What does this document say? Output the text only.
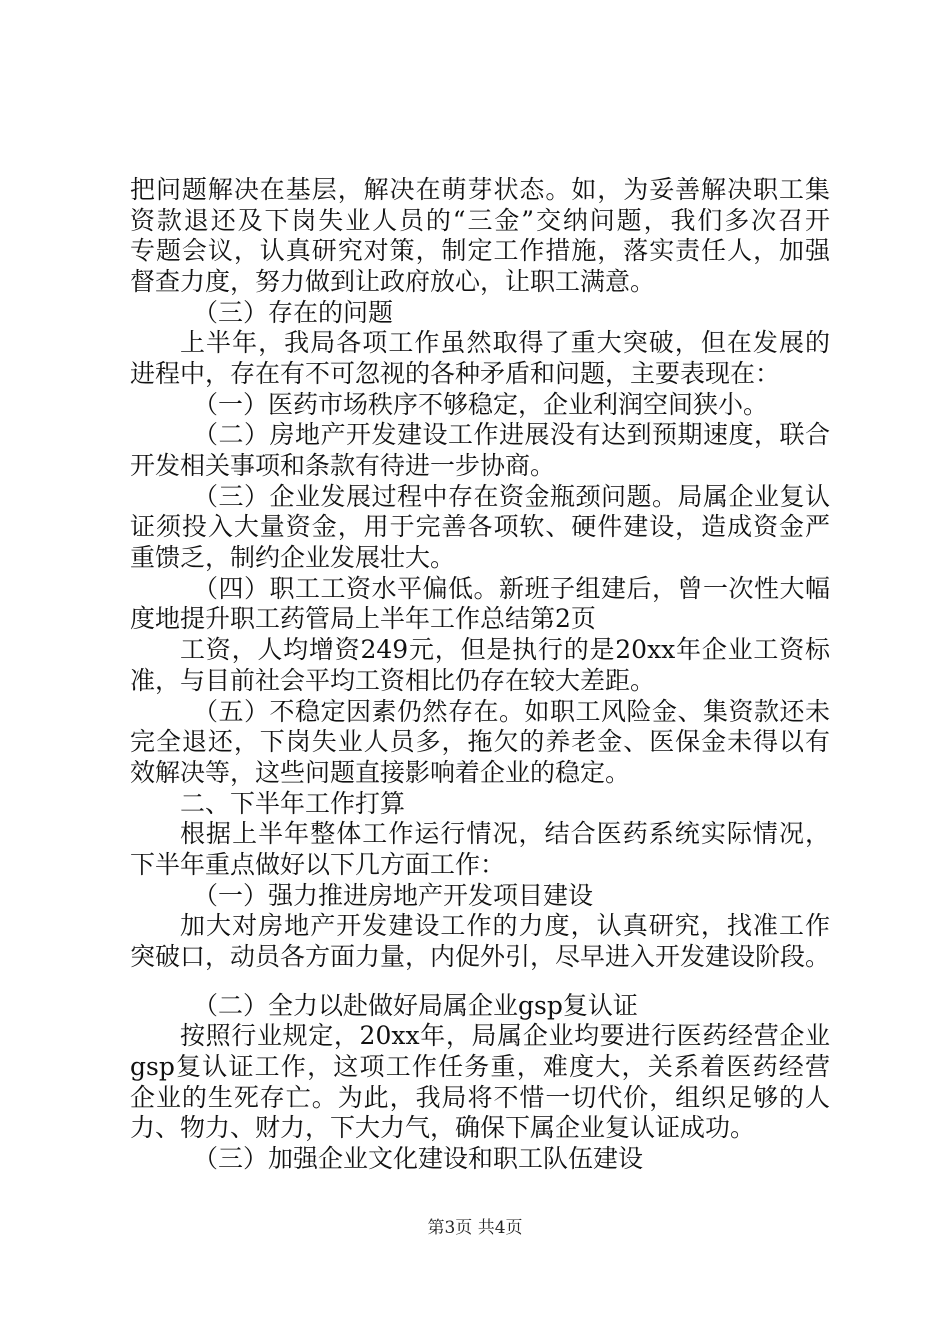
把问题解决在基层，解决在萌芽状态。如，为妥善解决职工集
资款退还及下岗失业人员的“三金”交纳问题，我们多次召开
专题会议，认真研究对策，制定工作措施，落实责任人，加强
督查力度，努力做到让政府放心，让职工满意。
（三）存在的问题
上半年，我局各项工作虽然取得了重大突破，但在发展的
进程中，存在有不可忽视的各种矛盾和问题，主要表现在：
（一）医药市场秩序不够稳定，企业利润空间狭小。
（二）房地产开发建设工作进展没有达到预期速度，联合
开发相关事项和条款有待进一步协商。
（三）企业发展过程中存在资金瓶颈问题。局属企业复认
证须投入大量资金，用于完善各项软、硬件建设，造成资金严
重馈乏，制约企业发展壮大。
（四）职工工资水平偏低。新班子组建后，曾一次性大幅
度地提升职工药管局上半年工作总结第2页
工资，人均增资249元，但是执行的是20xx年企业工资标
准，与目前社会平均工资相比仍存在较大差距。
（五）不稳定因素仍然存在。如职工风险金、集资款还未
完全退还，下岗失业人员多，拖欠的养老金、医保金未得以有
效解决等，这些问题直接影响着企业的稳定。
二、下半年工作打算
根据上半年整体工作运行情况，结合医药系统实际情况，
下半年重点做好以下几方面工作：
（一）强力推进房地产开发项目建设
加大对房地产开发建设工作的力度，认真研究，找准工作
突破口，动员各方面力量，内促外引，尽早进入开发建设阶段。
（二）全力以赴做好局属企业gsp复认证
按照行业规定，20xx年，局属企业均要进行医药经营企业
gsp复认证工作，这项工作任务重，难度大，关系着医药经营
企业的生死存亡。为此，我局将不惜一切代价，组织足够的人
力、物力、财力，下大力气，确保下属企业复认证成功。
（三）加强企业文化建设和职工队伍建设
第3页 共4页
